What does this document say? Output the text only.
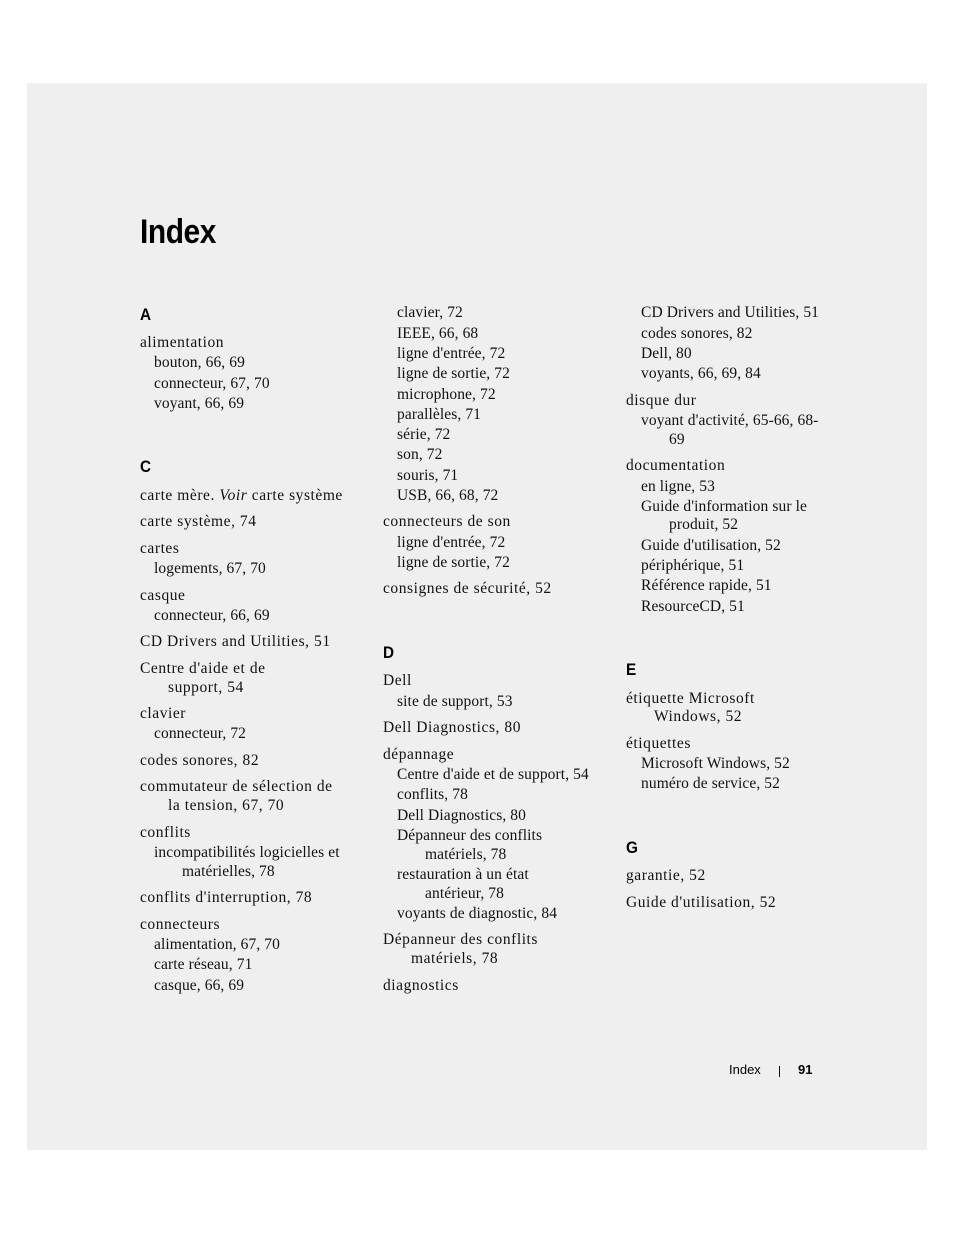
Index
A
alimentation
bouton, 66, 69
connecteur, 67, 70
voyant, 66, 69
C
carte mère. Voir carte système
carte système, 74
cartes
logements, 67, 70
casque
connecteur, 66, 69
CD Drivers and Utilities, 51
Centre d'aide et de
support, 54
clavier
connecteur, 72
codes sonores, 82
commutateur de sélection de
la tension, 67, 70
conflits
incompatibilités logicielles et
matérielles, 78
conflits d'interruption, 78
connecteurs
alimentation, 67, 70
carte réseau, 71
casque, 66, 69
clavier, 72
IEEE, 66, 68
ligne d'entrée, 72
ligne de sortie, 72
microphone, 72
parallèles, 71
série, 72
son, 72
souris, 71
USB, 66, 68, 72
connecteurs de son
ligne d'entrée, 72
ligne de sortie, 72
consignes de sécurité, 52
D
Dell
site de support, 53
Dell Diagnostics, 80
dépannage
Centre d'aide et de support, 54
conflits, 78
Dell Diagnostics, 80
Dépanneur des conflits
matériels, 78
restauration à un état
antérieur, 78
voyants de diagnostic, 84
Dépanneur des conflits
matériels, 78
diagnostics
CD Drivers and Utilities, 51
codes sonores, 82
Dell, 80
voyants, 66, 69, 84
disque dur
voyant d'activité, 65-66, 68-
69
documentation
en ligne, 53
Guide d'information sur le
produit, 52
Guide d'utilisation, 52
périphérique, 51
Référence rapide, 51
ResourceCD, 51
E
étiquette Microsoft
Windows, 52
étiquettes
Microsoft Windows, 52
numéro de service, 52
G
garantie, 52
Guide d'utilisation, 52
Index	91
